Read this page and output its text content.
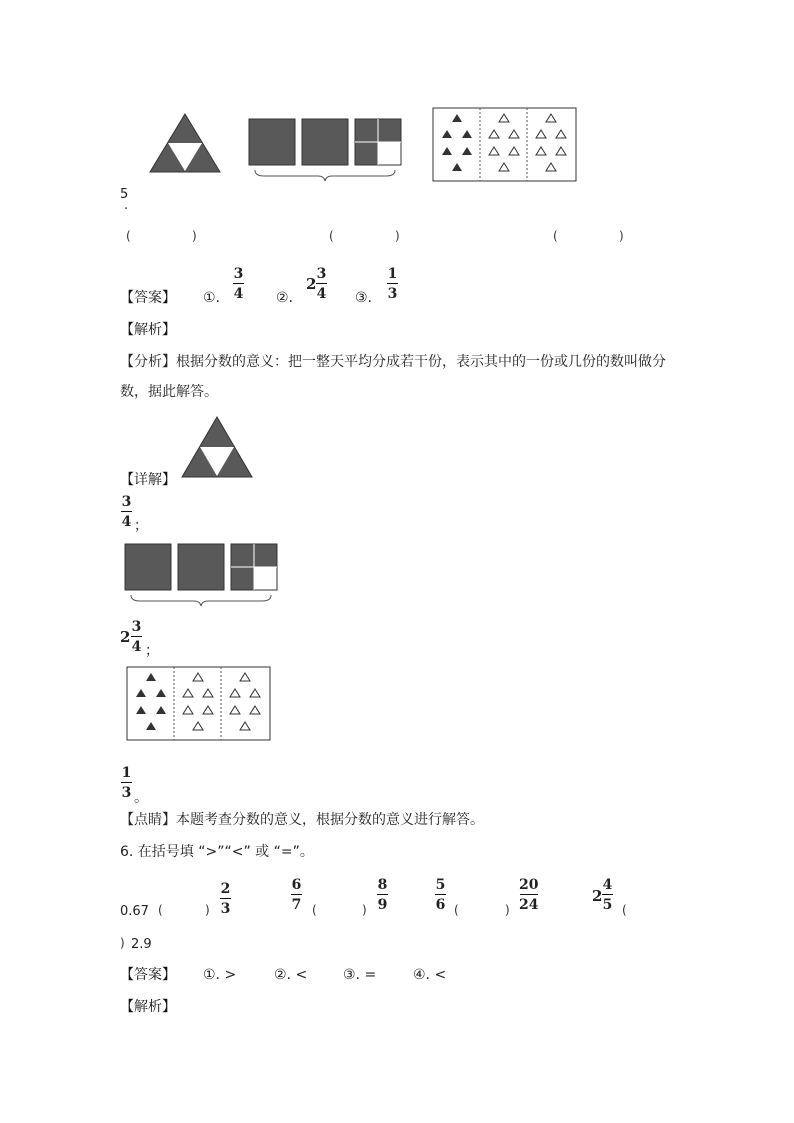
5
.
(	)	(	)	(	)
【答案】 ①.
3
4 ②.
2
3
4 ③.
1
3
【解析】
【分析】根据分数的意义：把一整天平均分成若干份，表示其中的一份或几份的数叫做分数，据此解答。
【详解】
3
4 ；
2
3
4 ；
1
3 。
【点睛】本题考查分数的意义，根据分数的意义进行解答。
6. 在括号填 “>”“<” 或 “=”。
0.67 (	)
2
3
6
7 (	)
8
9
5
6 (	)
20
24	2
4
5 (
) 2.9
【答案】 ①. >	②. <	③. =	④. <
【解析】
